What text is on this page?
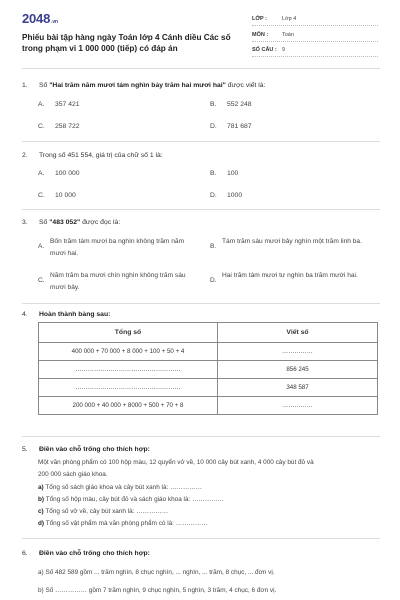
2048.vn
Phiếu bài tập hàng ngày Toán lớp 4 Cánh diều Các số trong phạm vi 1 000 000 (tiếp) có đáp án
LỚP :	Lớp 4
MÔN :	Toán
SỐ CÂU : 9
1. Số "Hai trăm năm mươi tám nghìn bảy trăm hai mươi hai" được viết là:
A. 357 421	B. 552 248
C. 258 722	D. 781 687
2. Trong số 451 554, giá trị của chữ số 1 là:
A. 100 000	B. 100
C. 10 000	D. 1000
3. Số "483 052" được đọc là:
A.
Bốn trăm tám mươi ba nghìn không trăm năm mươi hai.
B.
Tám trăm sáu mươi bảy nghìn một trăm linh ba.
C.
Năm trăm ba mươi chín nghìn không trăm sáu mươi bảy.
D.
Hai trăm tám mươi tư nghìn ba trăm mười hai.
4. Hoàn thành bảng sau:
Tổng số	Viết số
400 000 + 70 000 + 8 000 + 100 + 50 + 4	……………
……………………………………………	856 245
……………………………………………	348 587
200 000 + 40 000 + 8000 + 500 + 70 + 8	……………
5. Điền vào chỗ trống cho thích hợp:
Một văn phòng phẩm có 100 hộp màu, 12 quyển vở về, 10 000 cây bút xanh, 4 000 cây bút đỏ và
200 000 sách giáo khoa.
a) Tổng số sách giáo khoa và cây bút xanh là: ……………
b) Tổng số hộp màu, cây bút đỏ và sách giáo khoa là: ……………
c) Tổng số vở về, cây bút xanh là: ……………
d) Tổng số vật phẩm mà văn phòng phẩm có là: ……………
6. Điền vào chỗ trống cho thích hợp:
a) Số 482 589 gồm ... trăm nghìn, 8 chục nghìn, ... nghìn, ... trăm, 8 chục, ... đơn vị.
b) Số …………… gồm 7 trăm nghìn, 9 chục nghìn, 5 nghìn, 3 trăm, 4 chục, 6 đơn vị.
